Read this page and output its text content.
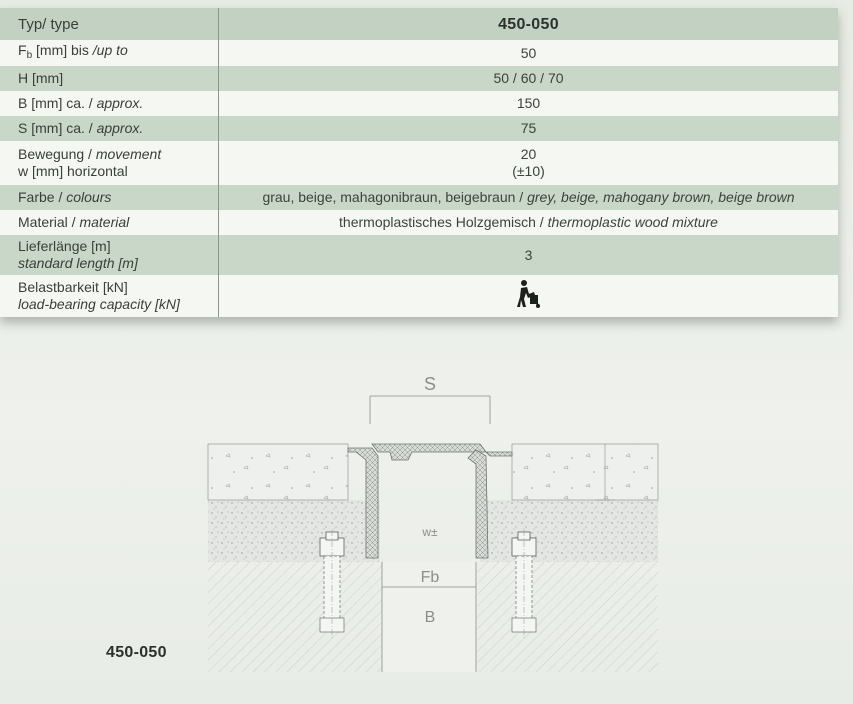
Typ/ type	450-050
$F_b$ [mm] bis /up to	50
H [mm]	50 / 60 / 70
B [mm] ca. / approx.	150
S [mm] ca. / approx.	75
Bewegung / movement
w [mm] horizontal	20
(±10)
Farbe / colours	grau, beige, mahagonibraun, beigebraun / grey, beige, mahogany brown, beige brown
Material / material	thermoplastisches Holzgemisch / thermoplastic wood mixture
Lieferlänge [m]
standard length [m]	3
Belastbarkeit [kN]
load-bearing capacity [kN]	
S
w±
Fb
B
450-050
